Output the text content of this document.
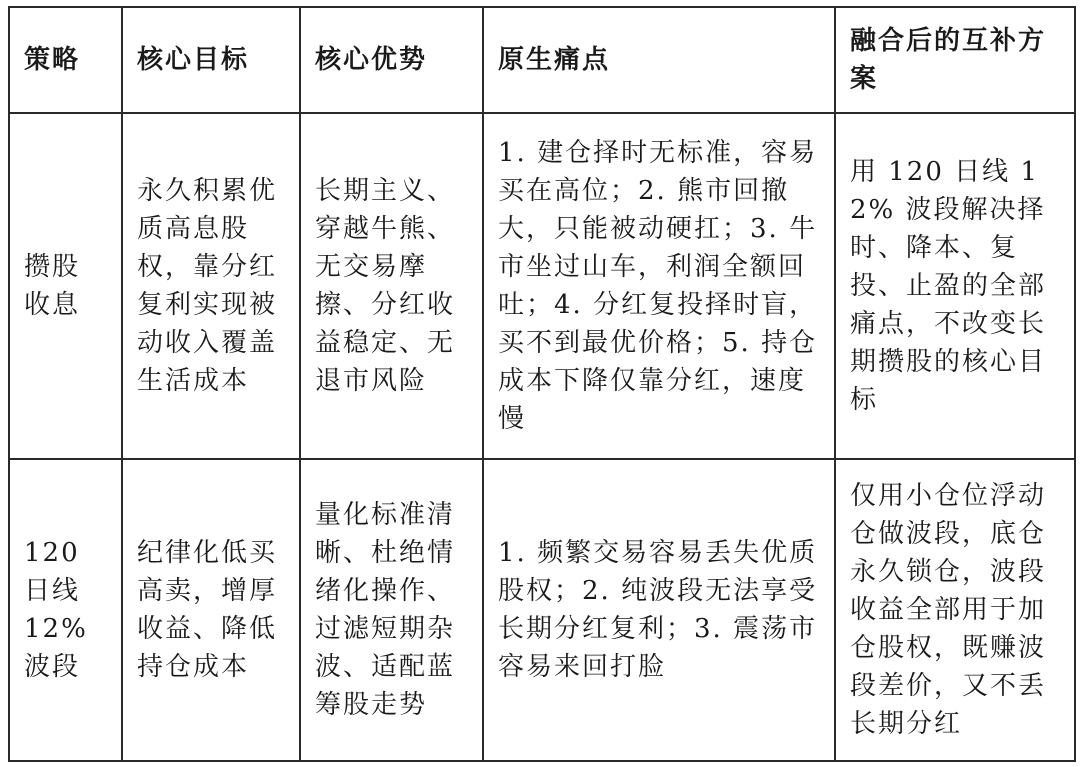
策略	核心目标	核心优势	原生痛点	融合后的互补方案
攒股收息	永久积累优质高息股权，靠分红复利实现被动收入覆盖生活成本	长期主义、穿越牛熊、无交易摩擦、分红收益稳定、无退市风险	1. 建仓择时无标准，容易买在高位；2. 熊市回撤大，只能被动硬扛；3. 牛市坐过山车，利润全额回吐；4. 分红复投择时盲，买不到最优价格；5. 持仓成本下降仅靠分红，速度慢	用 120 日线 12% 波段解决择时、降本、复投、止盈的全部痛点，不改变长期攒股的核心目标
120 日线 12% 波段	纪律化低买高卖，增厚收益、降低持仓成本	量化标准清晰、杜绝情绪化操作、过滤短期杂波、适配蓝筹股走势	1. 频繁交易容易丢失优质股权；2. 纯波段无法享受长期分红复利；3. 震荡市容易来回打脸	仅用小仓位浮动仓做波段，底仓永久锁仓，波段收益全部用于加仓股权，既赚波段差价，又不丢长期分红
